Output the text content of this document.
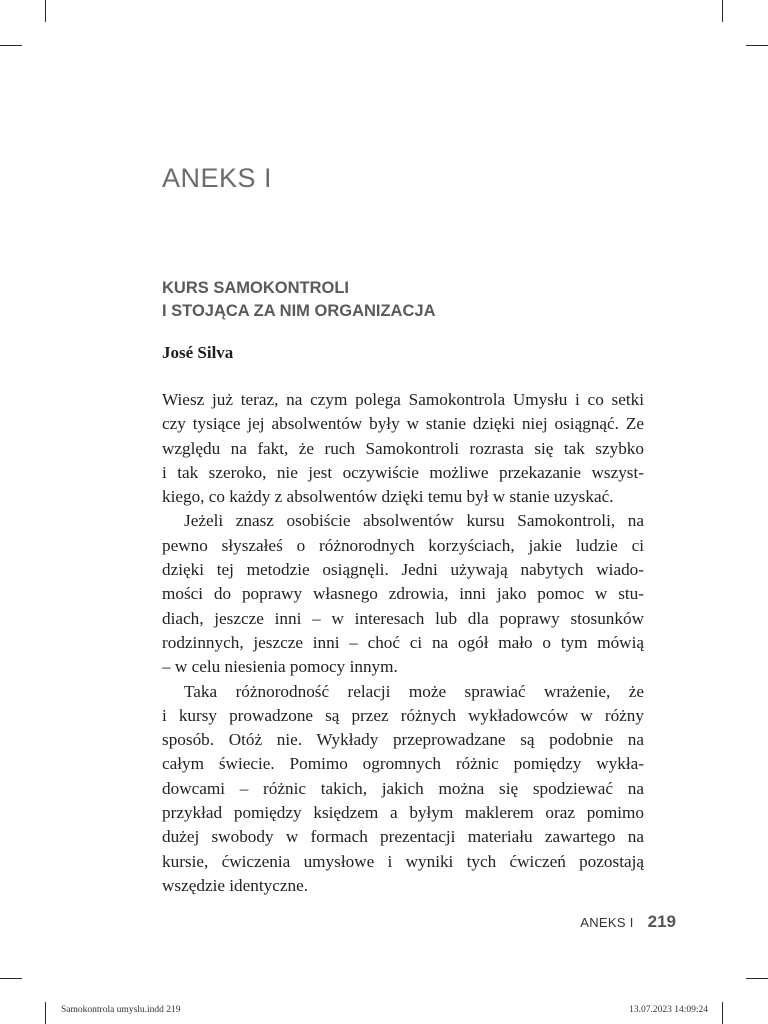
ANEKS I
KURS SAMOKONTROLI
I STOJĄCA ZA NIM ORGANIZACJA

José Silva

Wiesz już teraz, na czym polega Samokontrola Umysłu i co setki
czy tysiące jej absolwentów były w stanie dzięki niej osiągnąć. Ze
względu na fakt, że ruch Samokontroli rozrasta się tak szybko
i tak szeroko, nie jest oczywiście możliwe przekazanie wszyst-
kiego, co każdy z absolwentów dzięki temu był w stanie uzyskać.
Jeżeli znasz osobiście absolwentów kursu Samokontroli, na
pewno słyszałeś o różnorodnych korzyściach, jakie ludzie ci
dzięki tej metodzie osiągnęli. Jedni używają nabytych wiado-
mości do poprawy własnego zdrowia, inni jako pomoc w stu-
diach, jeszcze inni – w interesach lub dla poprawy stosunków
rodzinnych, jeszcze inni – choć ci na ogół mało o tym mówią
– w celu niesienia pomocy innym.
Taka różnorodność relacji może sprawiać wrażenie, że
i kursy prowadzone są przez różnych wykładowców w różny
sposób. Otóż nie. Wykłady przeprowadzane są podobnie na
całym świecie. Pomimo ogromnych różnic pomiędzy wykła-
dowcami – różnic takich, jakich można się spodziewać na
przykład pomiędzy księdzem a byłym maklerem oraz pomimo
dużej swobody w formach prezentacji materiału zawartego na
kursie, ćwiczenia umysłowe i wyniki tych ćwiczeń pozostają
wszędzie identyczne.
ANEKS I 219
Samokontrola umyslu.indd 219	13.07.2023 14:09:24
